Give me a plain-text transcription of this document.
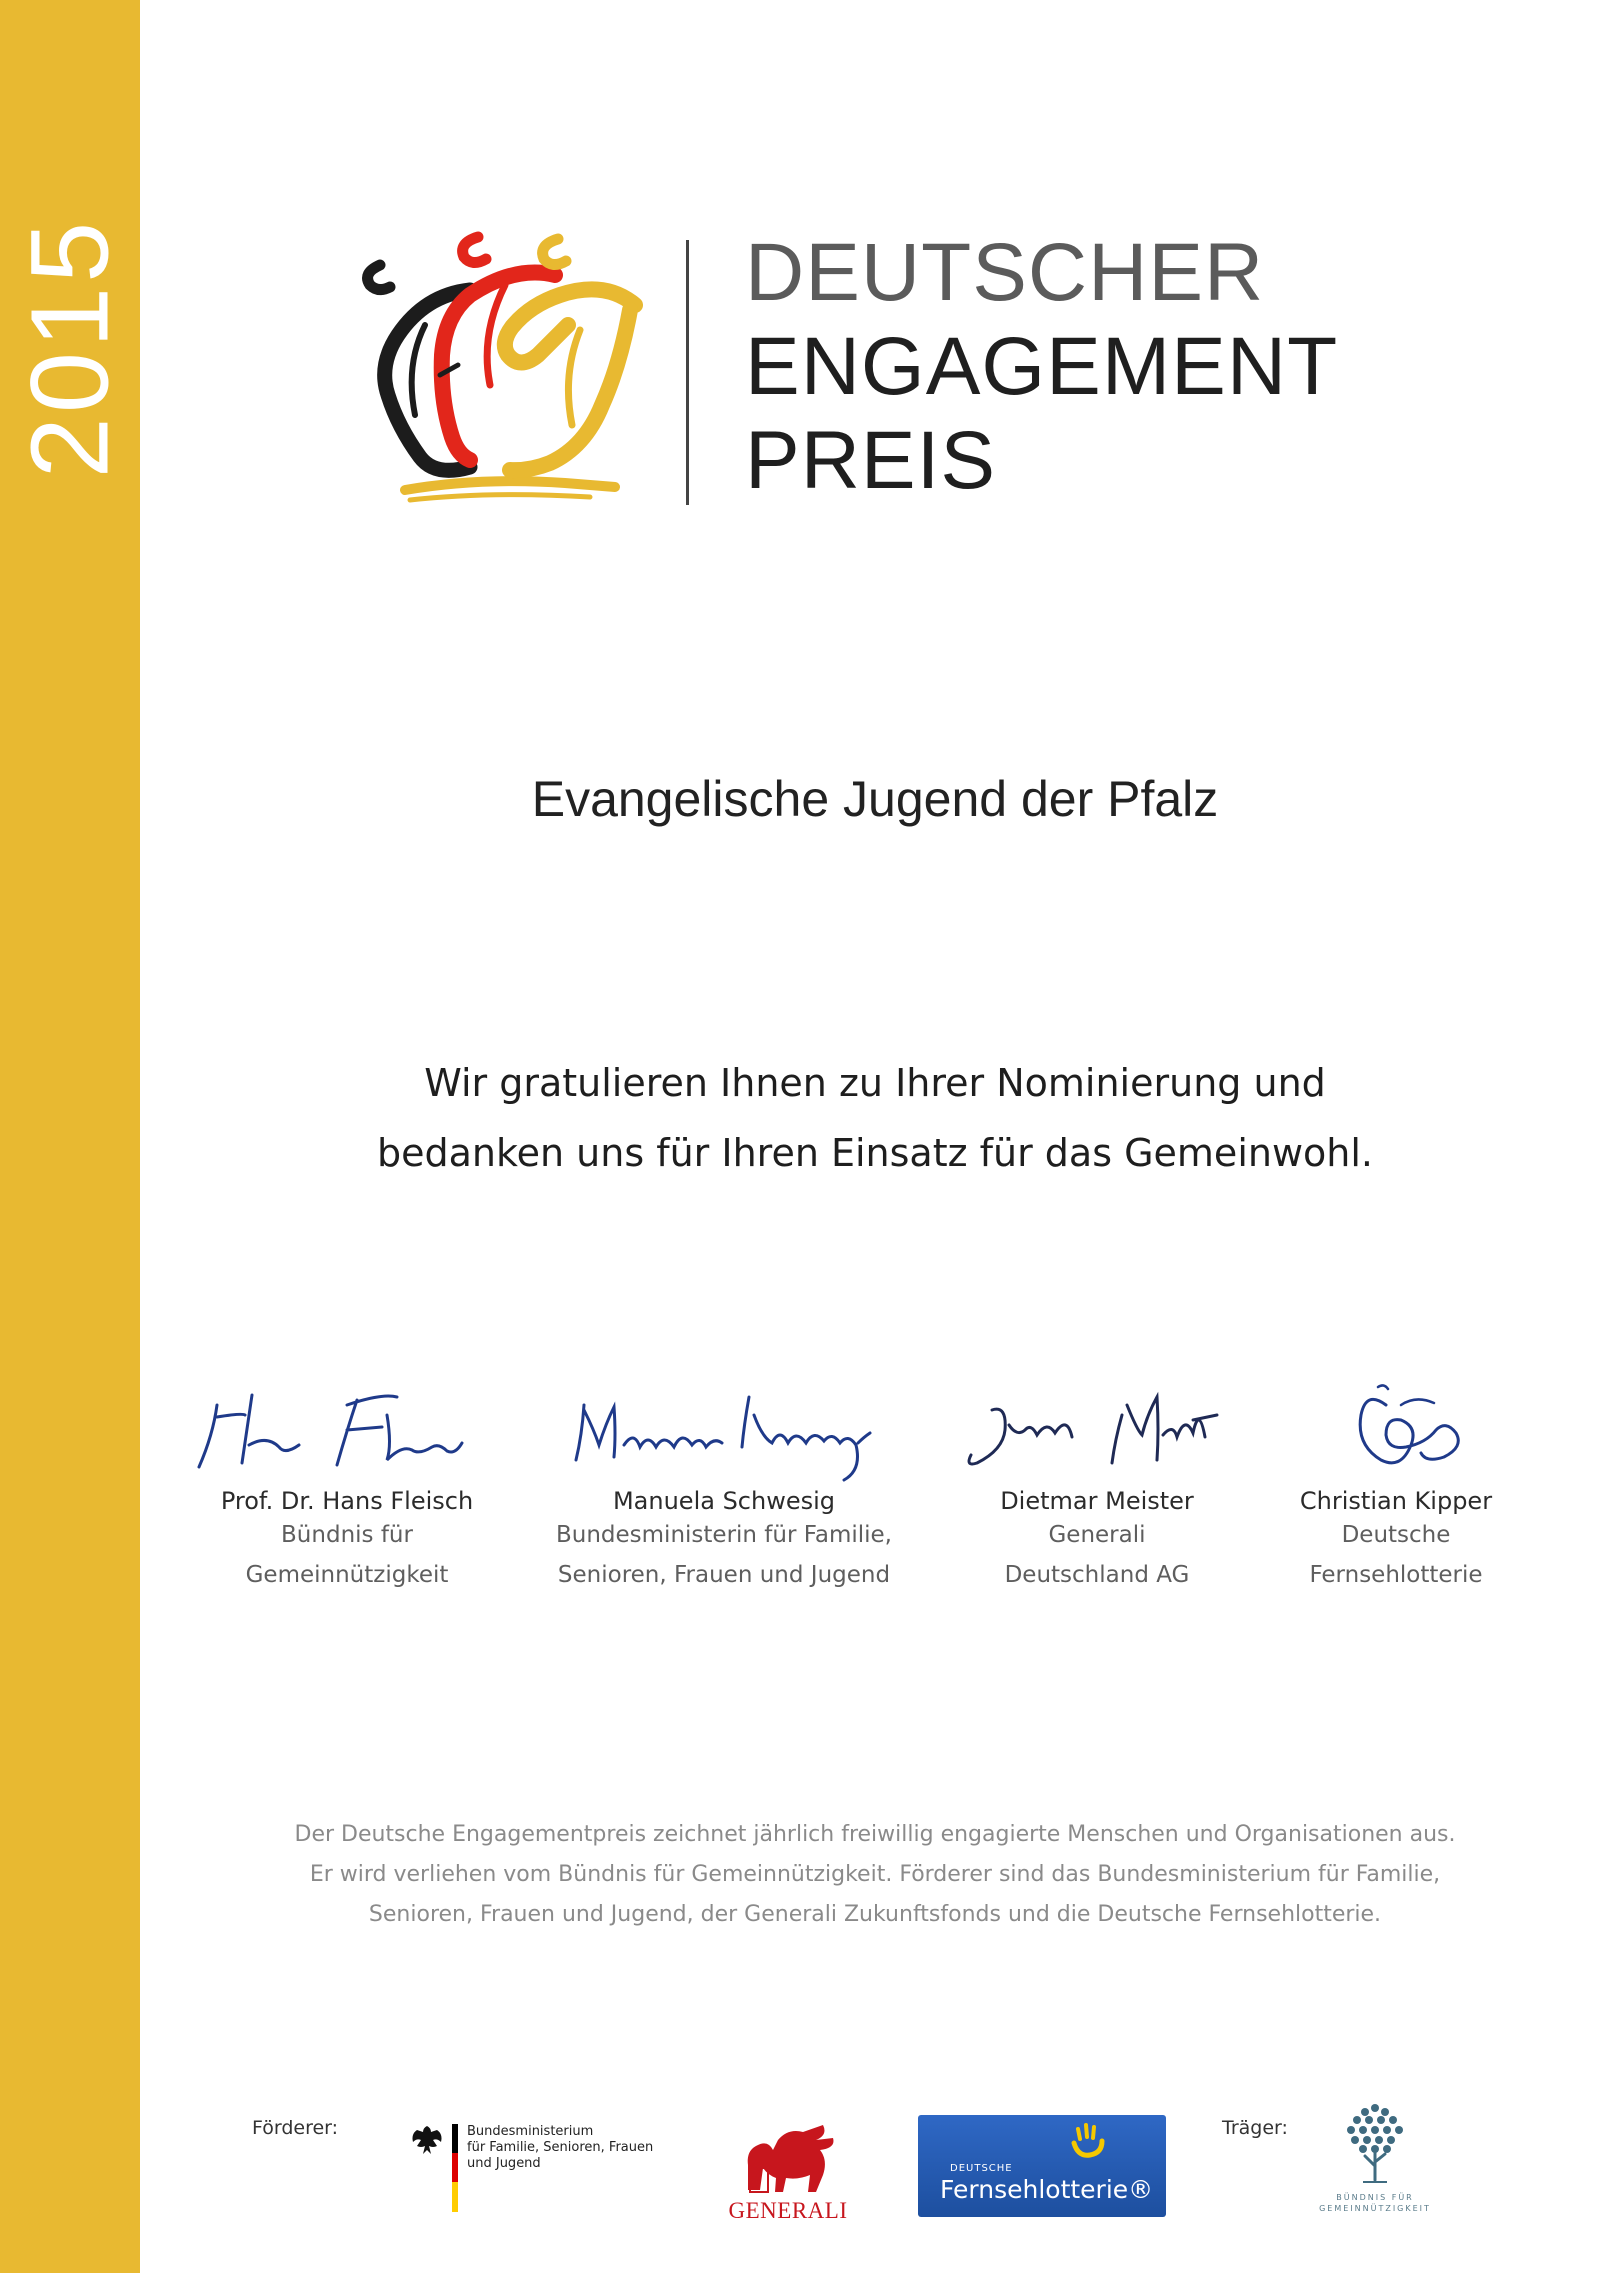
2015	DEUTSCHER
ENGAGEMENT
PREIS
Evangelische Jugend der Pfalz
Wir gratulieren Ihnen zu Ihrer Nominierung und
bedanken uns für Ihren Einsatz für das Gemeinwohl.
Prof. Dr. Hans Fleisch
Bündnis für
Gemeinnützigkeit
Manuela Schwesig
Bundesministerin für Familie,
Senioren, Frauen und Jugend
Dietmar Meister
Generali
Deutschland AG
Christian Kipper
Deutsche
Fernsehlotterie
Der Deutsche Engagementpreis zeichnet jährlich freiwillig engagierte Menschen und Organisationen aus.
Er wird verliehen vom Bündnis für Gemeinnützigkeit. Förderer sind das Bundesministerium für Familie,
Senioren, Frauen und Jugend, der Generali Zukunftsfonds und die Deutsche Fernsehlotterie.
Förderer:	Träger:
Bundesministerium
für Familie, Senioren, Frauen
und Jugend
GENERALI
DEUTSCHE
Fernsehlotterie®	BÜNDNIS FÜR
GEMEINNÜTZIGKEIT
